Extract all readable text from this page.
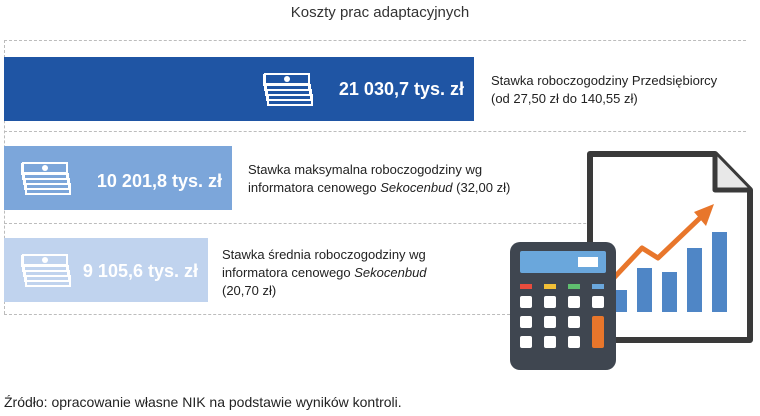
Koszty prac adaptacyjnych
21 030,7 tys. zł Stawka roboczogodziny Przedsiębiorcy
(od 27,50 zł do 140,55 zł)
10 201,8 tys. zł
Stawka maksymalna roboczogodziny wg
informatora cenowego Sekocenbud (32,00 zł)
9 105,6 tys. zł
Stawka średnia roboczogodziny wg
informatora cenowego Sekocenbud
(20,70 zł)
Źródło: opracowanie własne NIK na podstawie wyników kontroli.
